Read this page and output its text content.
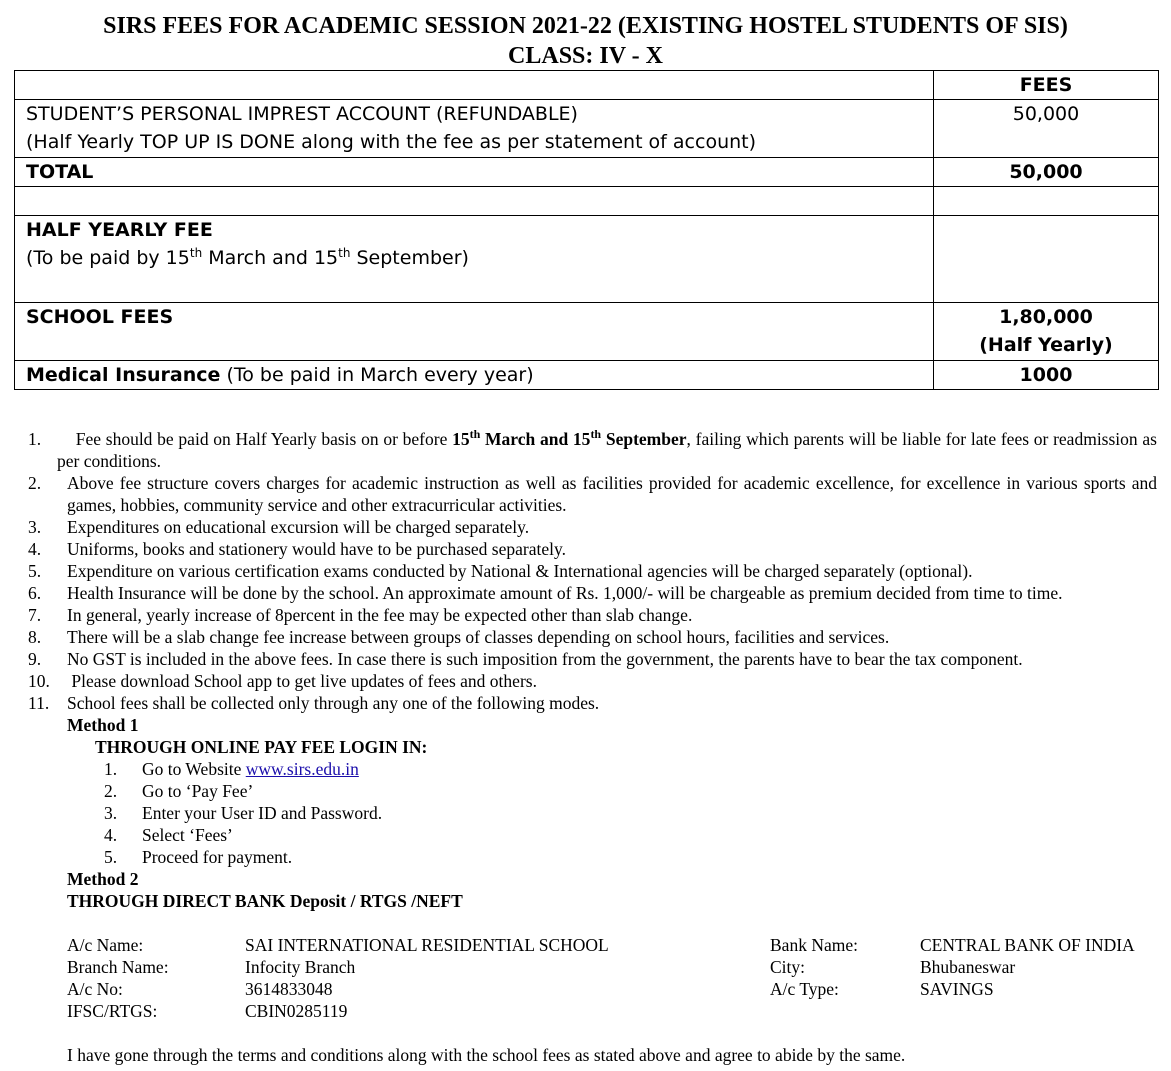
SIRS FEES FOR ACADEMIC SESSION 2021-22 (EXISTING HOSTEL STUDENTS OF SIS)
CLASS: IV - X
	FEES

STUDENT’S PERSONAL IMPREST ACCOUNT (REFUNDABLE)
(Half Yearly TOP UP IS DONE along with the fee as per statement of account)	50,000
TOTAL	50,000

HALF YEARLY FEE
(To be paid by 15th March and 15th September)	

SCHOOL FEES	1,80,000
(Half Yearly)

Medical Insurance (To be paid in March every year)	1000
1.	Fee should be paid on Half Yearly basis on or before 15th March and 15th September, failing which parents will be liable for late fees or readmission as per conditions.
2. Above fee structure covers charges for academic instruction as well as facilities provided for academic excellence, for excellence in various sports and games, hobbies, community service and other extracurricular activities.
3. Expenditures on educational excursion will be charged separately.
4. Uniforms, books and stationery would have to be purchased separately.
5. Expenditure on various certification exams conducted by National & International agencies will be charged separately (optional).
6. Health Insurance will be done by the school. An approximate amount of Rs. 1,000/- will be chargeable as premium decided from time to time.
7. In general, yearly increase of 8percent in the fee may be expected other than slab change.
8. There will be a slab change fee increase between groups of classes depending on school hours, facilities and services.
9. No GST is included in the above fees. In case there is such imposition from the government, the parents have to bear the tax component.
10. Please download School app to get live updates of fees and others.
11. School fees shall be collected only through any one of the following modes.
Method 1
THROUGH ONLINE PAY FEE LOGIN IN:
1. Go to Website www.sirs.edu.in
2. Go to ‘Pay Fee’
3. Enter your User ID and Password.
4. Select ‘Fees’
5. Proceed for payment.
Method 2
THROUGH DIRECT BANK Deposit / RTGS /NEFT
A/c Name:	SAI INTERNATIONAL RESIDENTIAL SCHOOL	Bank Name:	CENTRAL BANK OF INDIA
Branch Name:	Infocity Branch	City:	Bhubaneswar
A/c No:	3614833048	A/c Type:	SAVINGS
IFSC/RTGS:	CBIN0285119
I have gone through the terms and conditions along with the school fees as stated above and agree to abide by the same.
